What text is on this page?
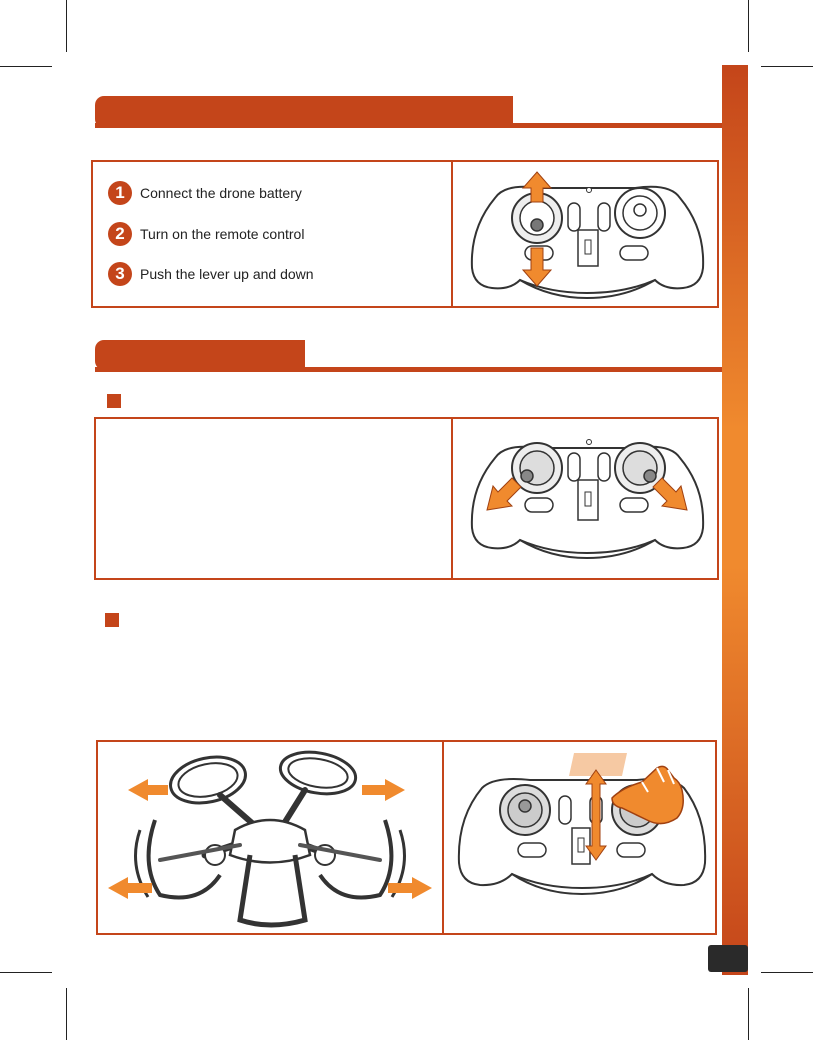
1	Connect the drone battery
2	Turn on the remote control
3	Push the lever up and down
